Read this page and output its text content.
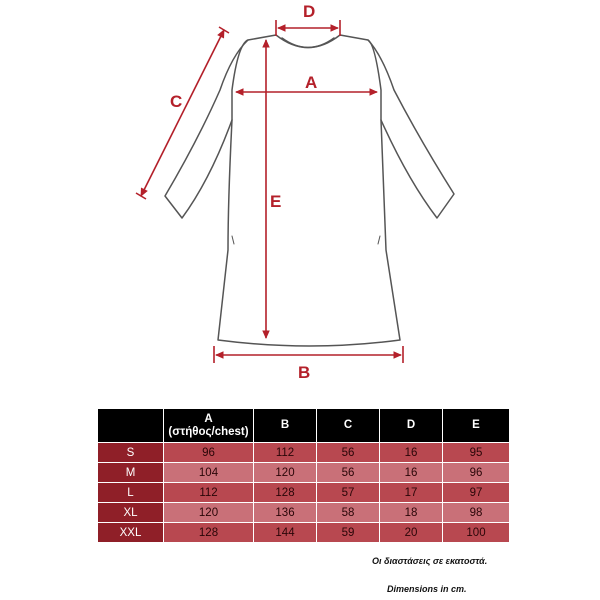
D
A
C
E
B
	A
(στήθος/chest)	B	C	D	E
S	96	112	56	16	95
M	104	120	56	16	96
L	112	128	57	17	97
XL	120	136	58	18	98
XXL	128	144	59	20	100
Οι διαστάσεις σε εκατοστά.
Dimensions in cm.
